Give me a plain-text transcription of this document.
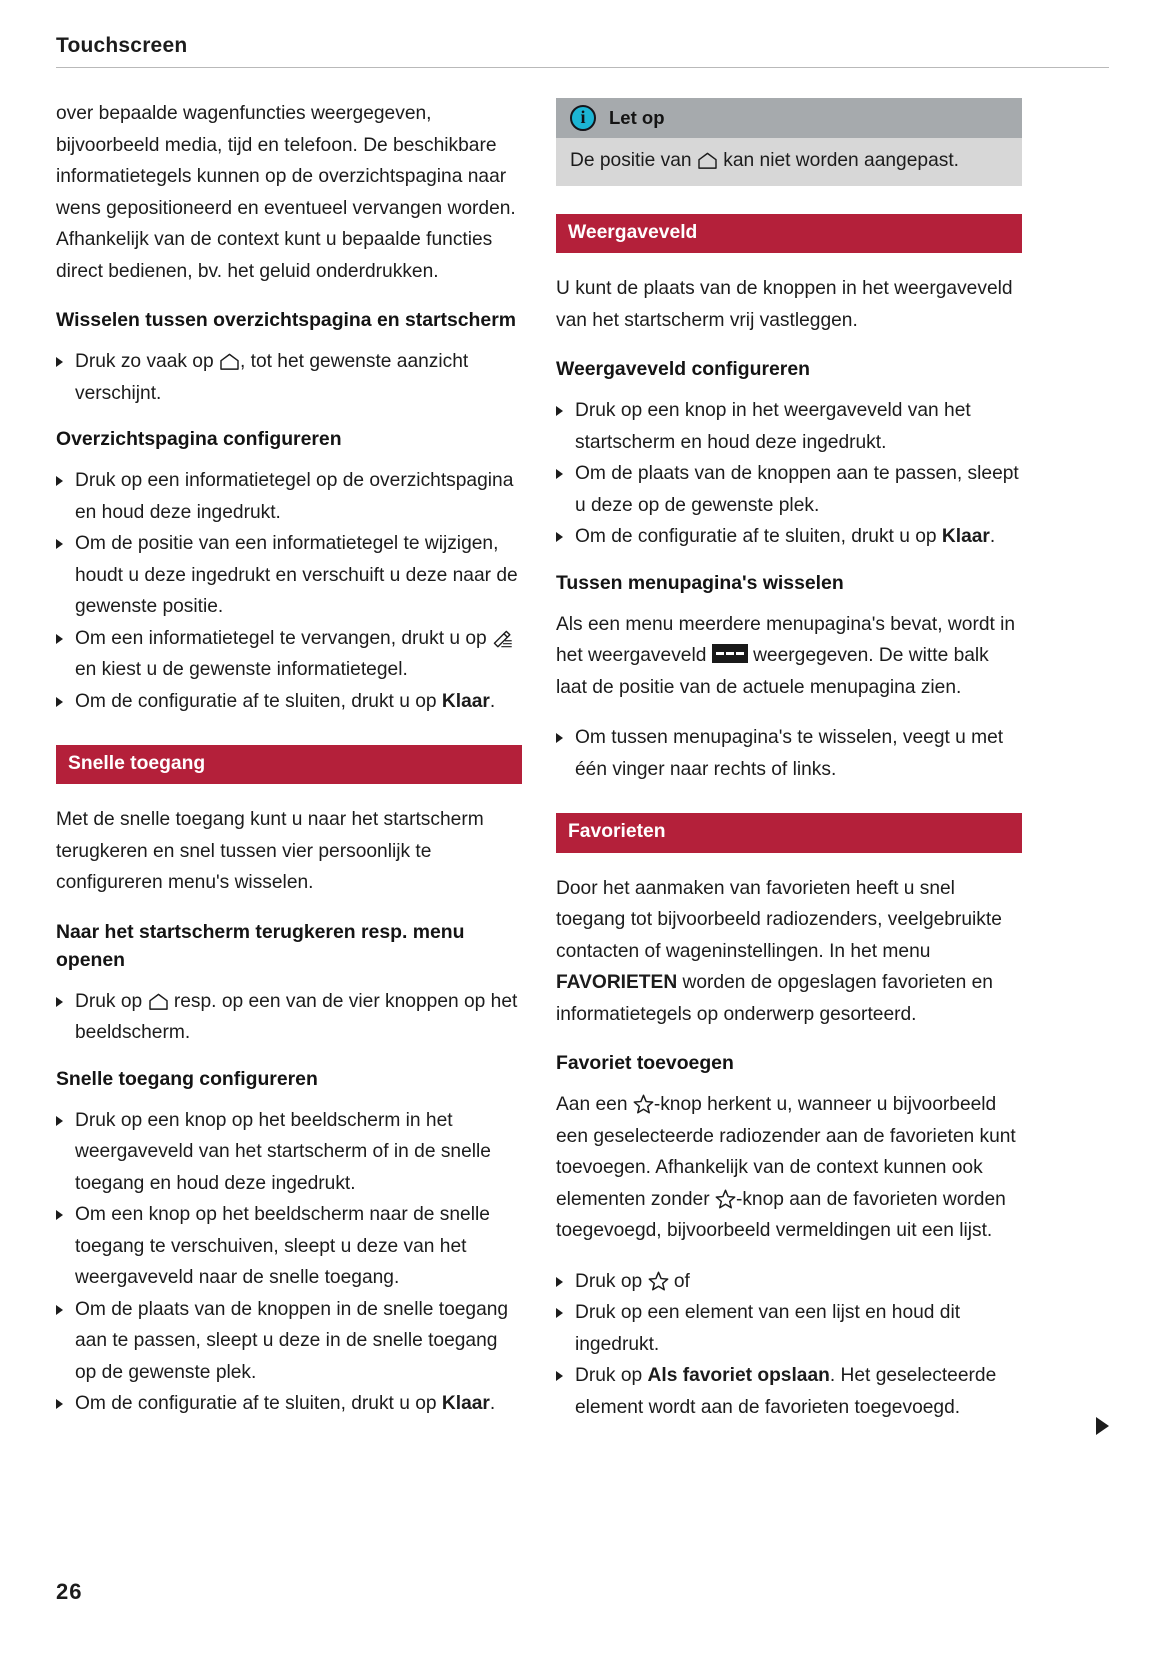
Touchscreen

over bepaalde wagenfuncties weergegeven, bijvoorbeeld media, tijd en telefoon. De beschikbare informatietegels kunnen op de overzichtspagina naar wens gepositioneerd en eventueel vervangen worden. Afhankelijk van de context kunt u bepaalde functies direct bedienen, bv. het geluid onderdrukken.

Wisselen tussen overzichtspagina en startscherm
Druk zo vaak op , tot het gewenste aanzicht verschijnt.
Overzichtspagina configureren
Druk op een informatietegel op de overzichtspagina en houd deze ingedrukt.
Om de positie van een informatietegel te wijzigen, houdt u deze ingedrukt en verschuift u deze naar de gewenste positie.
Om een informatietegel te vervangen, drukt u op  en kiest u de gewenste informatietegel.
Om de configuratie af te sluiten, drukt u op Klaar.
Snelle toegang

Met de snelle toegang kunt u naar het startscherm terugkeren en snel tussen vier persoonlijk te configureren menu's wisselen.

Naar het startscherm terugkeren resp. menu openen
Druk op  resp. op een van de vier knoppen op het beeldscherm.
Snelle toegang configureren
Druk op een knop op het beeldscherm in het weergaveveld van het startscherm of in de snelle toegang en houd deze ingedrukt.
Om een knop op het beeldscherm naar de snelle toegang te verschuiven, sleept u deze van het weergaveveld naar de snelle toegang.
Om de plaats van de knoppen in de snelle toegang aan te passen, sleept u deze in de snelle toegang op de gewenste plek.
Om de configuratie af te sluiten, drukt u op Klaar.
i Let op
De positie van  kan niet worden aangepast.
Weergaveveld

U kunt de plaats van de knoppen in het weergaveveld van het startscherm vrij vastleggen.

Weergaveveld configureren
Druk op een knop in het weergaveveld van het startscherm en houd deze ingedrukt.
Om de plaats van de knoppen aan te passen, sleept u deze op de gewenste plek.
Om de configuratie af te sluiten, drukt u op Klaar.
Tussen menupagina's wisselen

Als een menu meerdere menupagina's bevat, wordt in het weergaveveld
weergegeven. De witte balk laat de positie van de actuele menupagina zien.

Om tussen menupagina's te wisselen, veegt u met één vinger naar rechts of links.
Favorieten

Door het aanmaken van favorieten heeft u snel toegang tot bijvoorbeeld radiozenders, veelgebruikte contacten of wageninstellingen. In het menu FAVORIETEN worden de opgeslagen favorieten en informatietegels op onderwerp gesorteerd.

Favoriet toevoegen

Aan een -knop herkent u, wanneer u bijvoorbeeld een geselecteerde radiozender aan de favorieten kunt toevoegen. Afhankelijk van de context kunnen ook elementen zonder -knop aan de favorieten worden toegevoegd, bijvoorbeeld vermeldingen uit een lijst.

Druk op  of
Druk op een element van een lijst en houd dit ingedrukt.
Druk op Als favoriet opslaan. Het geselecteerde element wordt aan de favorieten toegevoegd.
26
